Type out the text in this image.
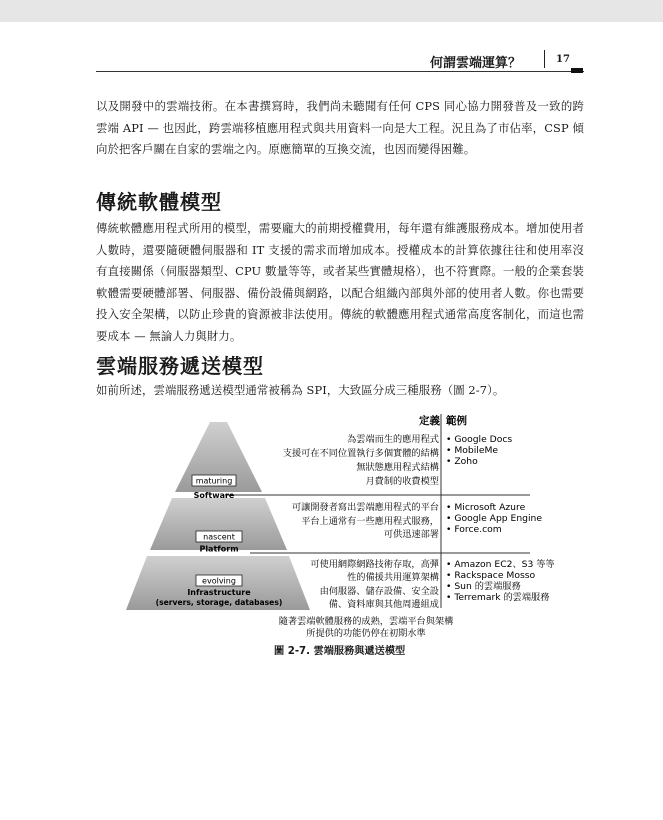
何謂雲端運算？	17

以及開發中的雲端技術。在本書撰寫時，我們尚未聽聞有任何 CPS 同心協力開發普及一致的跨雲端 API — 也因此，跨雲端移植應用程式與共用資料一向是大工程。況且為了市佔率，CSP 傾向於把客戶關在自家的雲端之內。原應簡單的互換交流，也因而變得困難。

傳統軟體模型

傳統軟體應用程式所用的模型，需要龐大的前期授權費用，每年還有維護服務成本。增加使用者人數時，還要隨硬體伺服器和 IT 支援的需求而增加成本。授權成本的計算依據往往和使用率沒有直接關係（伺服器類型、CPU 數量等等，或者某些實體規格），也不符實際。一般的企業套裝軟體需要硬體部署、伺服器、備份設備與網路，以配合組織內部與外部的使用者人數。你也需要投入安全架構，以防止珍貴的資源被非法使用。傳統的軟體應用程式通常高度客制化，而這也需要成本 — 無論人力與財力。

雲端服務遞送模型

如前所述，雲端服務遞送模型通常被稱為 SPI，大致區分成三種服務（圖 2-7）。

定義 範例
maturing
Software
為雲端而生的應用程式
支援可在不同位置執行多個實體的結構
無狀態應用程式結構
月費制的收費模型
• Google Docs
• MobileMe
• Zoho
nascent
Platform
可讓開發者寫出雲端應用程式的平台
平台上通常有一些應用程式服務，
可供迅速部署
• Microsoft Azure
• Google App Engine
• Force.com
evolving
Infrastructure
(servers, storage, databases)
可使用網際網路技術存取，高彈
性的備援共用運算架構
由伺服器、儲存設備、安全設
備、資料庫與其他周邊組成
• Amazon EC2、S3 等等
• Rackspace Mosso
• Sun 的雲端服務
• Terremark 的雲端服務
隨著雲端軟體服務的成熟，雲端平台與架構
所提供的功能仍停在初期水準
圖 2-7. 雲端服務與遞送模型
